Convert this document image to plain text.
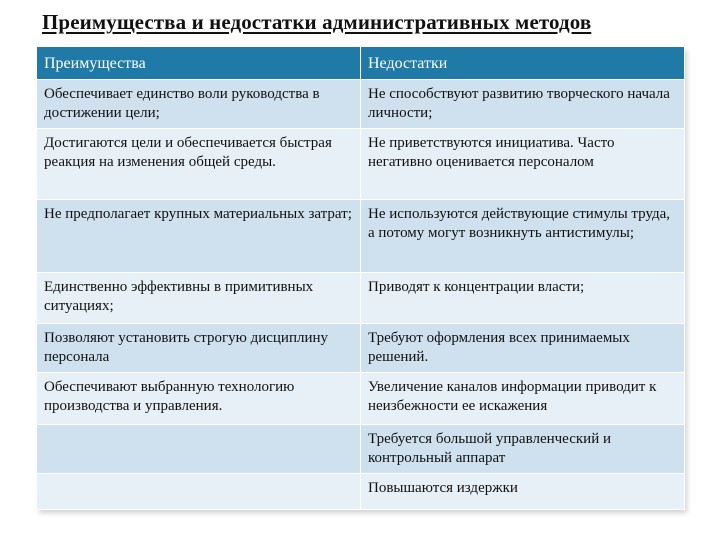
Преимущества и недостатки административных методов
Преимущества	Недостатки
Обеспечивает единство воли руководства в достижении цели;	Не способствуют развитию творческого начала личности;
Достигаются цели и обеспечивается быстрая реакция на изменения общей среды.	Не приветствуются инициатива. Часто негативно оценивается персоналом
Не предполагает крупных материальных затрат;	Не используются действующие стимулы труда, а потому могут возникнуть антистимулы;
Единственно эффективны в примитивных ситуациях;	Приводят к концентрации власти;
Позволяют установить строгую дисциплину персонала	Требуют оформления всех принимаемых решений.
Обеспечивают выбранную технологию производства и управления.	Увеличение каналов информации приводит к неизбежности ее искажения
	Требуется большой управленческий и контрольный аппарат
	Повышаются издержки
